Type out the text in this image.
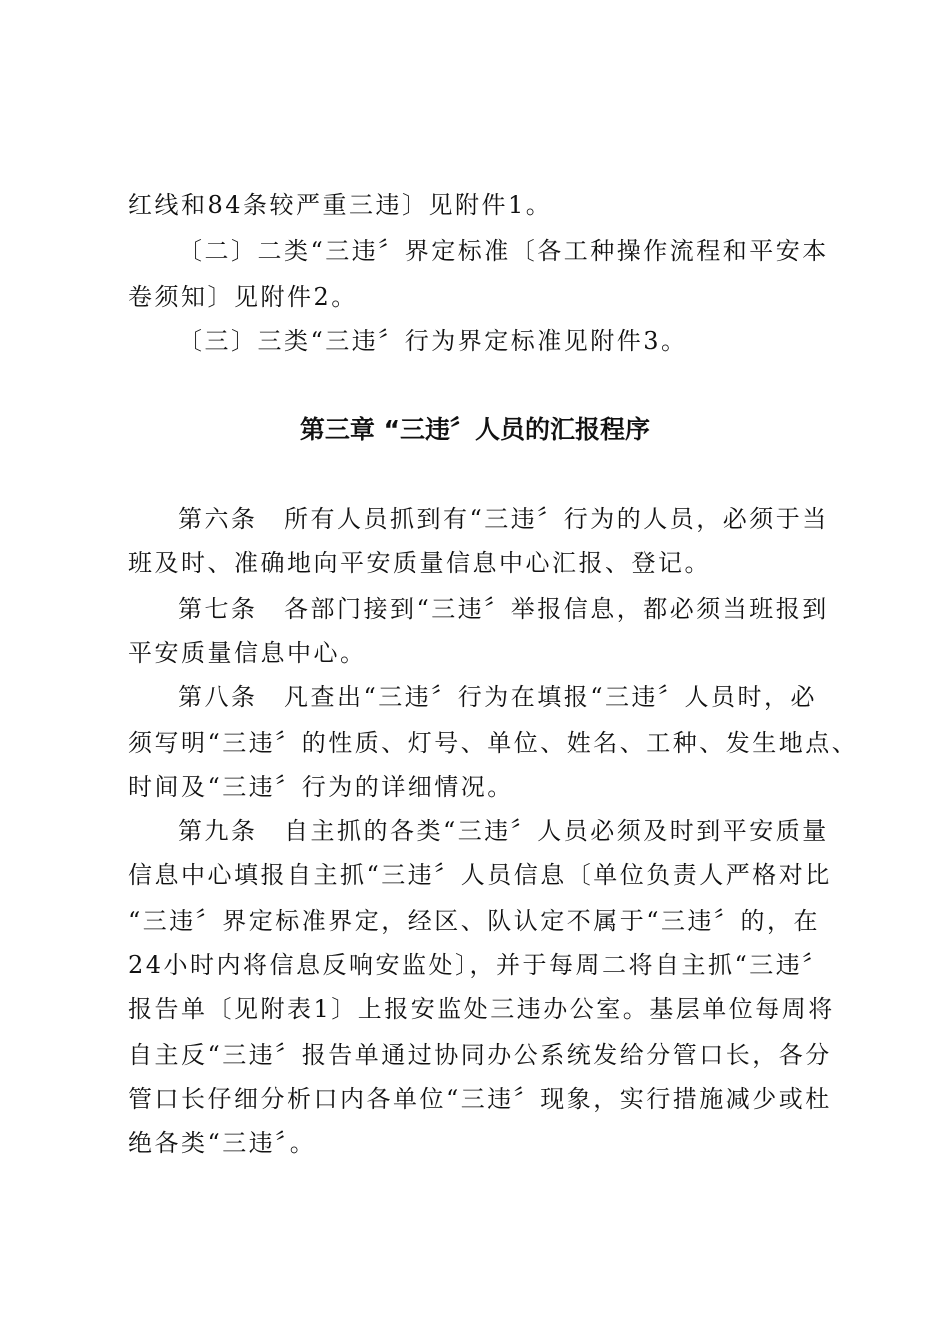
红线和84条较严重三违〕见附件1。
〔二〕二类“三违〞界定标准〔各工种操作流程和平安本
卷须知〕见附件2。
〔三〕三类“三违〞行为界定标准见附件3。
第三章 “三违〞人员的汇报程序
第六条　所有人员抓到有“三违〞行为的人员，必须于当
班及时、准确地向平安质量信息中心汇报、登记。
第七条　各部门接到“三违〞举报信息，都必须当班报到
平安质量信息中心。
第八条　凡查出“三违〞行为在填报“三违〞人员时，必
须写明“三违〞的性质、灯号、单位、姓名、工种、发生地点、
时间及“三违〞行为的详细情况。
第九条　自主抓的各类“三违〞人员必须及时到平安质量
信息中心填报自主抓“三违〞人员信息〔单位负责人严格对比
“三违〞界定标准界定，经区、队认定不属于“三违〞的，在
24小时内将信息反响安监处〕，并于每周二将自主抓“三违〞
报告单〔见附表1〕上报安监处三违办公室。基层单位每周将
自主反“三违〞报告单通过协同办公系统发给分管口长，各分
管口长仔细分析口内各单位“三违〞现象，实行措施减少或杜
绝各类“三违〞。
